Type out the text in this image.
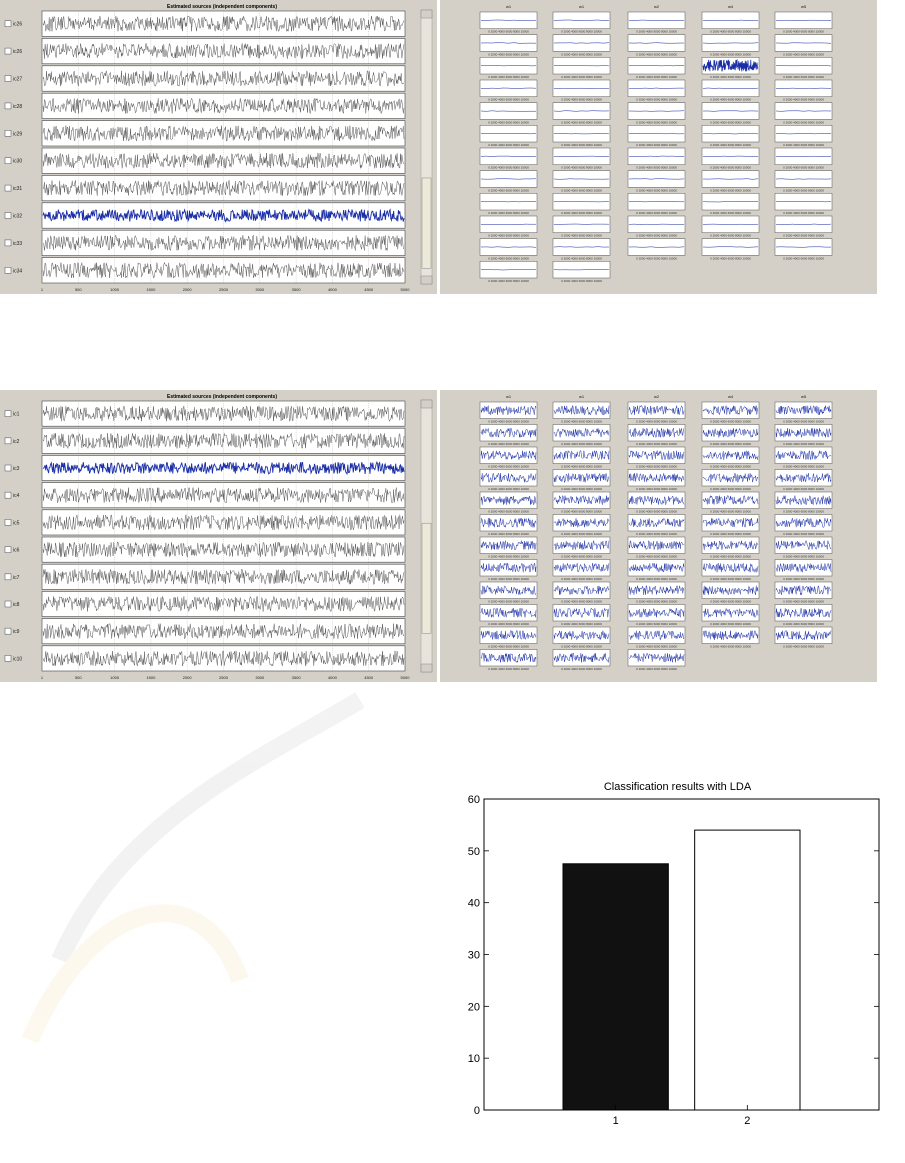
Estimated sources (independent components)
ic26
ic26
ic27
ic28
ic29
ic30
ic31
ic32
ic33
ic34
1	500	1000	1500	2000	2500	3000	3500	4000	4500	5000
w1	w1	w2	w4	w5
0 2000 4000 6000 8000 10000	0 2000 4000 6000 8000 10000	0 2000 4000 6000 8000 10000	0 2000 4000 6000 8000 10000	0 2000 4000 6000 8000 10000
0 2000 4000 6000 8000 10000	0 2000 4000 6000 8000 10000	0 2000 4000 6000 8000 10000	0 2000 4000 6000 8000 10000	0 2000 4000 6000 8000 10000
0 2000 4000 6000 8000 10000	0 2000 4000 6000 8000 10000	0 2000 4000 6000 8000 10000	0 2000 4000 6000 8000 10000	0 2000 4000 6000 8000 10000
0 2000 4000 6000 8000 10000	0 2000 4000 6000 8000 10000	0 2000 4000 6000 8000 10000	0 2000 4000 6000 8000 10000	0 2000 4000 6000 8000 10000
0 2000 4000 6000 8000 10000	0 2000 4000 6000 8000 10000	0 2000 4000 6000 8000 10000	0 2000 4000 6000 8000 10000	0 2000 4000 6000 8000 10000
0 2000 4000 6000 8000 10000	0 2000 4000 6000 8000 10000	0 2000 4000 6000 8000 10000	0 2000 4000 6000 8000 10000	0 2000 4000 6000 8000 10000
0 2000 4000 6000 8000 10000	0 2000 4000 6000 8000 10000	0 2000 4000 6000 8000 10000	0 2000 4000 6000 8000 10000	0 2000 4000 6000 8000 10000
0 2000 4000 6000 8000 10000	0 2000 4000 6000 8000 10000	0 2000 4000 6000 8000 10000	0 2000 4000 6000 8000 10000	0 2000 4000 6000 8000 10000
0 2000 4000 6000 8000 10000	0 2000 4000 6000 8000 10000	0 2000 4000 6000 8000 10000	0 2000 4000 6000 8000 10000	0 2000 4000 6000 8000 10000
0 2000 4000 6000 8000 10000	0 2000 4000 6000 8000 10000	0 2000 4000 6000 8000 10000	0 2000 4000 6000 8000 10000	0 2000 4000 6000 8000 10000
0 2000 4000 6000 8000 10000	0 2000 4000 6000 8000 10000	0 2000 4000 6000 8000 10000	0 2000 4000 6000 8000 10000	0 2000 4000 6000 8000 10000
0 2000 4000 6000 8000 10000	0 2000 4000 6000 8000 10000
Estimated sources (independent components)
ic1
ic2
ic3
ic4
ic5
ic6
ic7
ic8
ic9
ic10
1	500	1000	1500	2000	2500	3000	3500	4000	4500	5000
w1	w1	w2	w4	w5
0 2000 4000 6000 8000 10000	0 2000 4000 6000 8000 10000	0 2000 4000 6000 8000 10000	0 2000 4000 6000 8000 10000	0 2000 4000 6000 8000 10000
0 2000 4000 6000 8000 10000	0 2000 4000 6000 8000 10000	0 2000 4000 6000 8000 10000	0 2000 4000 6000 8000 10000	0 2000 4000 6000 8000 10000
0 2000 4000 6000 8000 10000	0 2000 4000 6000 8000 10000	0 2000 4000 6000 8000 10000	0 2000 4000 6000 8000 10000	0 2000 4000 6000 8000 10000
0 2000 4000 6000 8000 10000	0 2000 4000 6000 8000 10000	0 2000 4000 6000 8000 10000	0 2000 4000 6000 8000 10000	0 2000 4000 6000 8000 10000
0 2000 4000 6000 8000 10000	0 2000 4000 6000 8000 10000	0 2000 4000 6000 8000 10000	0 2000 4000 6000 8000 10000	0 2000 4000 6000 8000 10000
0 2000 4000 6000 8000 10000	0 2000 4000 6000 8000 10000	0 2000 4000 6000 8000 10000	0 2000 4000 6000 8000 10000	0 2000 4000 6000 8000 10000
0 2000 4000 6000 8000 10000	0 2000 4000 6000 8000 10000	0 2000 4000 6000 8000 10000	0 2000 4000 6000 8000 10000	0 2000 4000 6000 8000 10000
0 2000 4000 6000 8000 10000	0 2000 4000 6000 8000 10000	0 2000 4000 6000 8000 10000	0 2000 4000 6000 8000 10000	0 2000 4000 6000 8000 10000
0 2000 4000 6000 8000 10000	0 2000 4000 6000 8000 10000	0 2000 4000 6000 8000 10000	0 2000 4000 6000 8000 10000	0 2000 4000 6000 8000 10000
0 2000 4000 6000 8000 10000	0 2000 4000 6000 8000 10000	0 2000 4000 6000 8000 10000	0 2000 4000 6000 8000 10000	0 2000 4000 6000 8000 10000
0 2000 4000 6000 8000 10000	0 2000 4000 6000 8000 10000	0 2000 4000 6000 8000 10000	0 2000 4000 6000 8000 10000	0 2000 4000 6000 8000 10000
0 2000 4000 6000 8000 10000	0 2000 4000 6000 8000 10000	0 2000 4000 6000 8000 10000
Classification results with LDA
0
10
20
30
40
50
60
1	2
